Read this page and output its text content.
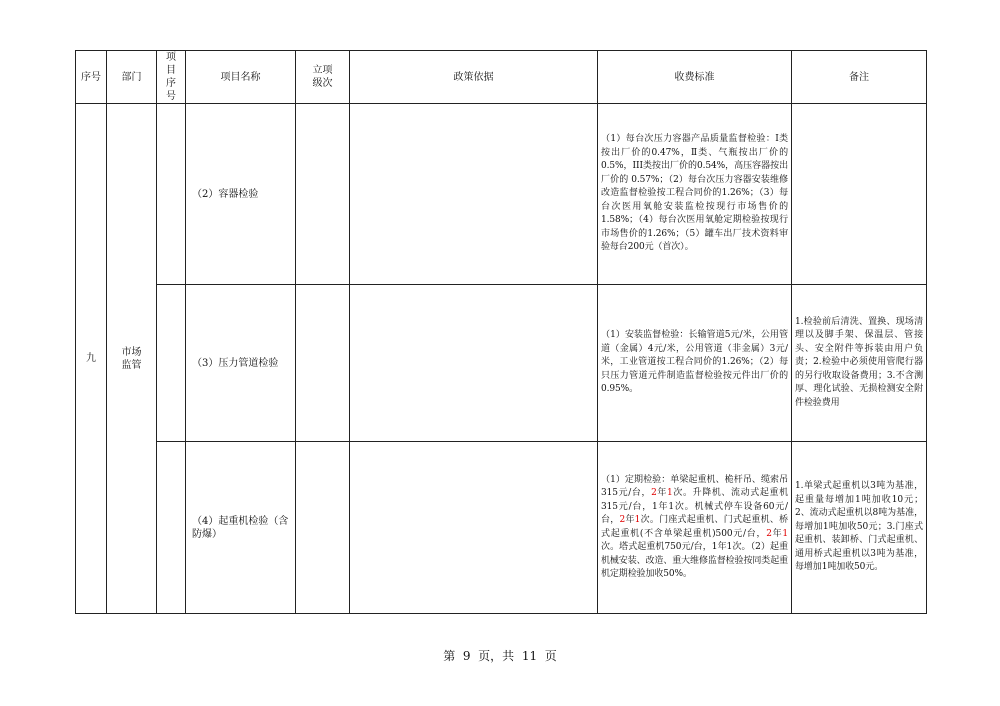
序号	部门	项目序号	项目名称	立项级次	政策依据	收费标准	备注
九	市场监管		（2）容器检验			（1）每台次压力容器产品质量监督检验：I类按出厂价的0.47%，Ⅱ类、气瓶按出厂价的 0.5%，III类按出厂价的0.54%，高压容器按出厂价的 0.57%；（2）每台次压力容器安装维修改造监督检验按工程合同价的1.26%；（3）每台次医用氧舱安装监检按现行市场售价的1.58%；（4）每台次医用氧舱定期检验按现行市场售价的1.26%；（5）罐车出厂技术资料审验每台200元（首次）。	
			（3）压力管道检验			（1）安装监督检验：长输管道5元/米，公用管道（金属）4元/米，公用管道（非金属）3元/米，工业管道按工程合同价的1.26%；（2）每只压力管道元件制造监督检验按元件出厂价的0.95%。	1.检验前后清洗、置换、现场清理以及脚手架、保温层、管接头、安全附件等拆装由用户负责；2.检验中必须使用管爬行器的另行收取设备费用；3.不含测厚、理化试验、无损检测安全附件检验费用
			（4）起重机检验（含防爆）			（1）定期检验：单梁起重机、桅杆吊、缆索吊315元/台，2年1次。升降机、流动式起重机315元/台，1年1次。机械式停车设备60元/台，2年1次。门座式起重机、门式起重机、桥式起重机(不含单梁起重机)500元/台，2年1次。塔式起重机750元/台，1年1次。（2）起重机械安装、改造、重大维修监督检验按同类起重机定期检验加收50%。	1.单梁式起重机以3吨为基准，起重量每增加1吨加收10元；2、流动式起重机以8吨为基准，每增加1吨加收50元；3.门座式起重机、装卸桥、门式起重机、通用桥式起重机以3吨为基准，每增加1吨加收50元。
第 9 页，共 11 页
